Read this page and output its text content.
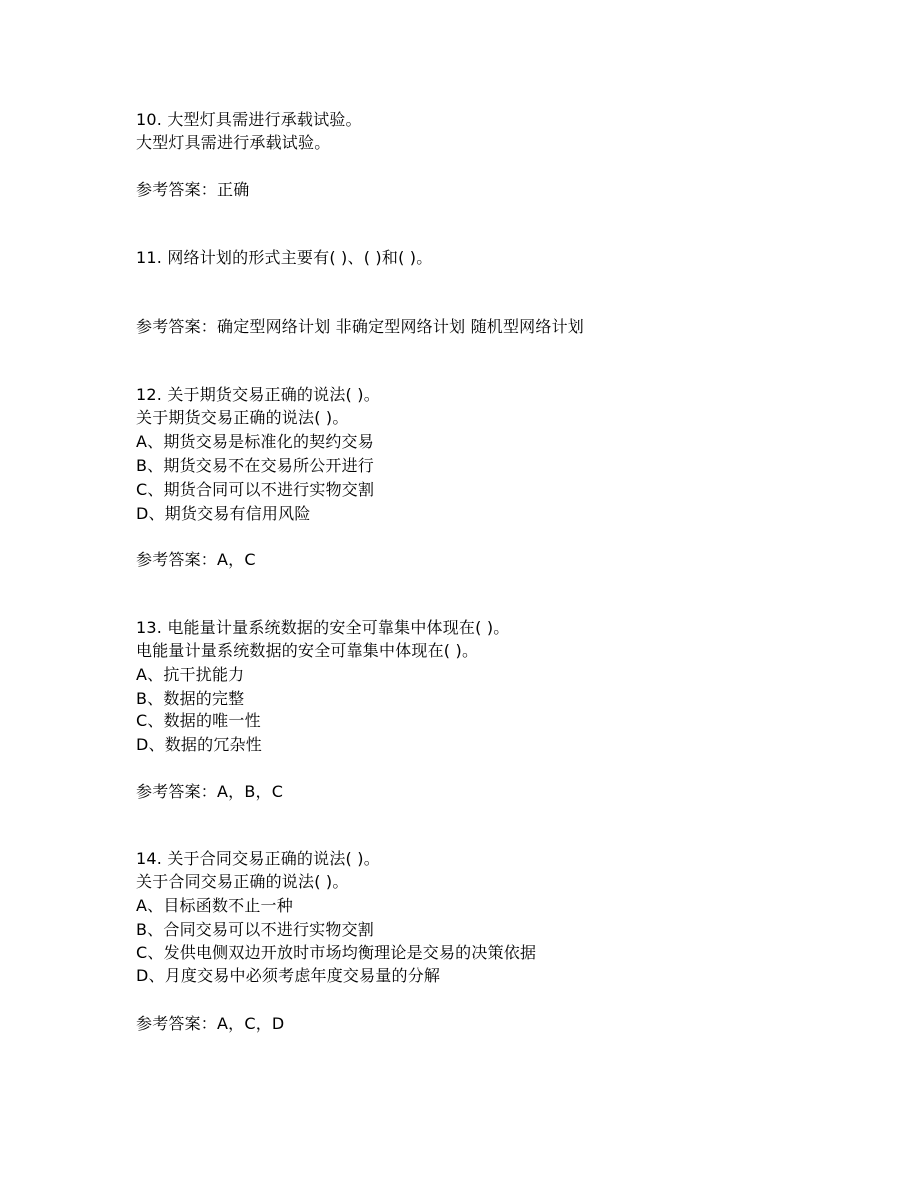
10. 大型灯具需进行承载试验。
大型灯具需进行承载试验。
参考答案：正确
11. 网络计划的形式主要有( )、( )和( )。
参考答案：确定型网络计划 非确定型网络计划 随机型网络计划
12. 关于期货交易正确的说法( )。
关于期货交易正确的说法( )。
A、期货交易是标准化的契约交易
B、期货交易不在交易所公开进行
C、期货合同可以不进行实物交割
D、期货交易有信用风险
参考答案：A，C
13. 电能量计量系统数据的安全可靠集中体现在( )。
电能量计量系统数据的安全可靠集中体现在( )。
A、抗干扰能力
B、数据的完整
C、数据的唯一性
D、数据的冗杂性
参考答案：A，B，C
14. 关于合同交易正确的说法( )。
关于合同交易正确的说法( )。
A、目标函数不止一种
B、合同交易可以不进行实物交割
C、发供电侧双边开放时市场均衡理论是交易的决策依据
D、月度交易中必须考虑年度交易量的分解
参考答案：A，C，D
